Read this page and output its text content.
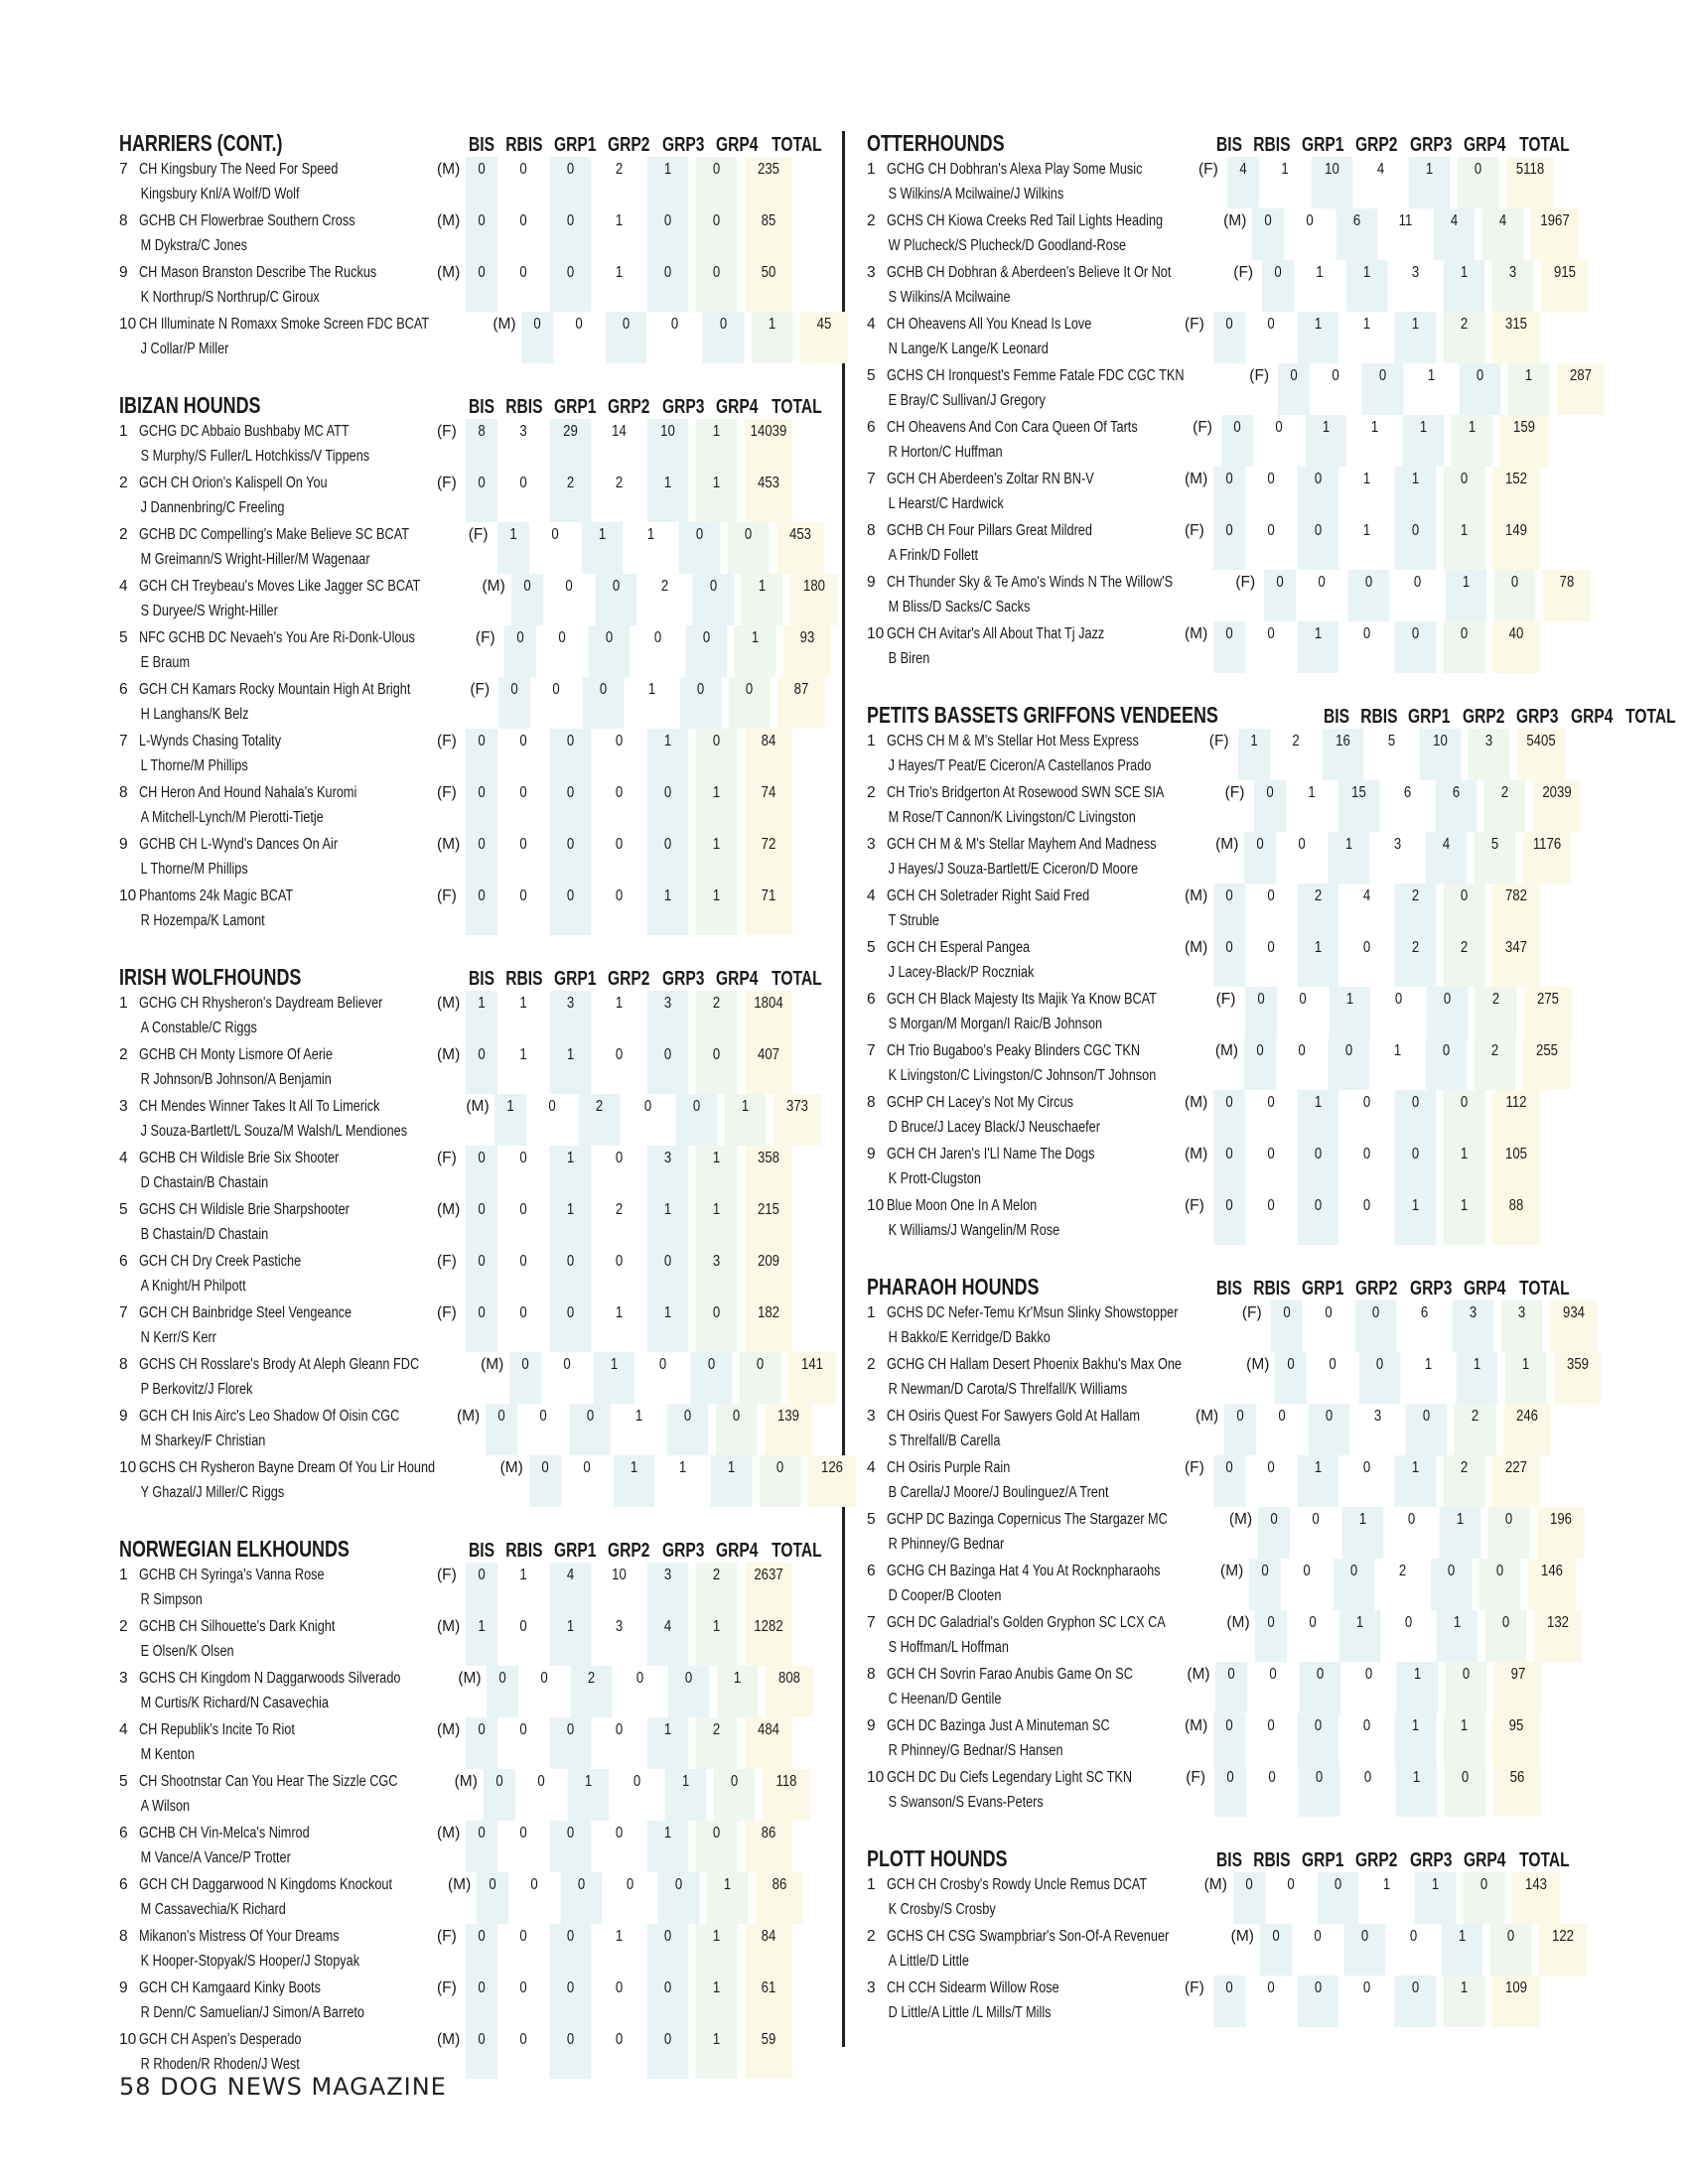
HARRIERS (CONT.)	BIS RBIS GRP1 GRP2 GRP3 GRP4 TOTAL
7 CH Kingsbury The Need For Speed
Kingsbury Knl/A Wolf/D Wolf
(M)	0	0	0	2	1	0	235
8 GCHB CH Flowerbrae Southern Cross
M Dykstra/C Jones
(M)	0	0	0	1	0	0	85
9 CH Mason Branston Describe The Ruckus
K Northrup/S Northrup/C Giroux
(M)	0	0	0	1	0	0	50
10 CH Illuminate N Romaxx Smoke Screen FDC BCAT
J Collar/P Miller
(M)	0	0	0	0	0	1	45
IBIZAN HOUNDS	BIS RBIS GRP1 GRP2 GRP3 GRP4 TOTAL
1 GCHG DC Abbaio Bushbaby MC ATT
S Murphy/S Fuller/L Hotchkiss/V Tippens
(F)	8	3	29	14	10	1	14039
2 GCH CH Orion's Kalispell On You
J Dannenbring/C Freeling
(F)	0	0	2	2	1	1	453
2 GCHB DC Compelling's Make Believe SC BCAT
M Greimann/S Wright-Hiller/M Wagenaar
(F)	1	0	1	1	0	0	453
4 GCH CH Treybeau's Moves Like Jagger SC BCAT
S Duryee/S Wright-Hiller
(M)	0	0	0	2	0	1	180
5 NFC GCHB DC Nevaeh's You Are Ri-Donk-Ulous
E Braum
(F)	0	0	0	0	0	1	93
6 GCH CH Kamars Rocky Mountain High At Bright
H Langhans/K Belz
(F)	0	0	0	1	0	0	87
7 L-Wynds Chasing Totality
L Thorne/M Phillips
(F)	0	0	0	0	1	0	84
8 CH Heron And Hound Nahala's Kuromi
A Mitchell-Lynch/M Pierotti-Tietje
(F)	0	0	0	0	0	1	74
9 GCHB CH L-Wynd's Dances On Air
L Thorne/M Phillips
(M)	0	0	0	0	0	1	72
10 Phantoms 24k Magic BCAT
R Hozempa/K Lamont
(F)	0	0	0	0	1	1	71
IRISH WOLFHOUNDS	BIS RBIS GRP1 GRP2 GRP3 GRP4 TOTAL
1 GCHG CH Rhysheron's Daydream Believer
A Constable/C Riggs
(M)	1	1	3	1	3	2	1804
2 GCHB CH Monty Lismore Of Aerie
R Johnson/B Johnson/A Benjamin
(M)	0	1	1	0	0	0	407
3 CH Mendes Winner Takes It All To Limerick
J Souza-Bartlett/L Souza/M Walsh/L Mendiones
(M)	1	0	2	0	0	1	373
4 GCHB CH Wildisle Brie Six Shooter
D Chastain/B Chastain
(F)	0	0	1	0	3	1	358
5 GCHS CH Wildisle Brie Sharpshooter
B Chastain/D Chastain
(M)	0	0	1	2	1	1	215
6 GCH CH Dry Creek Pastiche
A Knight/H Philpott
(F)	0	0	0	0	0	3	209
7 GCH CH Bainbridge Steel Vengeance
N Kerr/S Kerr
(F)	0	0	0	1	1	0	182
8 GCHS CH Rosslare's Brody At Aleph Gleann FDC
P Berkovitz/J Florek
(M)	0	0	1	0	0	0	141
9 GCH CH Inis Airc's Leo Shadow Of Oisin CGC
M Sharkey/F Christian
(M)	0	0	0	1	0	0	139
10 GCHS CH Rysheron Bayne Dream Of You Lir Hound
Y Ghazal/J Miller/C Riggs
(M)	0	0	1	1	1	0	126
NORWEGIAN ELKHOUNDS	BIS RBIS GRP1 GRP2 GRP3 GRP4 TOTAL
1 GCHB CH Syringa's Vanna Rose
R Simpson
(F)	0	1	4	10	3	2	2637
2 GCHB CH Silhouette's Dark Knight
E Olsen/K Olsen
(M)	1	0	1	3	4	1	1282
3 GCHS CH Kingdom N Daggarwoods Silverado
M Curtis/K Richard/N Casavechia
(M)	0	0	2	0	0	1	808
4 CH Republik's Incite To Riot
M Kenton
(M)	0	0	0	0	1	2	484
5 CH Shootnstar Can You Hear The Sizzle CGC
A Wilson
(M)	0	0	1	0	1	0	118
6 GCHB CH Vin-Melca's Nimrod
M Vance/A Vance/P Trotter
(M)	0	0	0	0	1	0	86
6 GCH CH Daggarwood N Kingdoms Knockout
M Cassavechia/K Richard
(M)	0	0	0	0	0	1	86
8 Mikanon's Mistress Of Your Dreams
K Hooper-Stopyak/S Hooper/J Stopyak
(F)	0	0	0	1	0	1	84
9 GCH CH Kamgaard Kinky Boots
R Denn/C Samuelian/J Simon/A Barreto
(F)	0	0	0	0	0	1	61
10 GCH CH Aspen's Desperado
R Rhoden/R Rhoden/J West
(M)	0	0	0	0	0	1	59
OTTERHOUNDS	BIS RBIS GRP1 GRP2 GRP3 GRP4 TOTAL
1 GCHG CH Dobhran's Alexa Play Some Music
S Wilkins/A Mcilwaine/J Wilkins
(F)	4	1	10	4	1	0	5118
2 GCHS CH Kiowa Creeks Red Tail Lights Heading
W Plucheck/S Plucheck/D Goodland-Rose
(M)	0	0	6	11	4	4	1967
3 GCHB CH Dobhran & Aberdeen's Believe It Or Not
S Wilkins/A Mcilwaine
(F)	0	1	1	3	1	3	915
4 CH Oheavens All You Knead Is Love
N Lange/K Lange/K Leonard
(F)	0	0	1	1	1	2	315
5 GCHS CH Ironquest's Femme Fatale FDC CGC TKN
E Bray/C Sullivan/J Gregory
(F)	0	0	0	1	0	1	287
6 CH Oheavens And Con Cara Queen Of Tarts
R Horton/C Huffman
(F)	0	0	1	1	1	1	159
7 GCH CH Aberdeen's Zoltar RN BN-V
L Hearst/C Hardwick
(M)	0	0	0	1	1	0	152
8 GCHB CH Four Pillars Great Mildred
A Frink/D Follett
(F)	0	0	0	1	0	1	149
9 CH Thunder Sky & Te Amo's Winds N The Willow'S
M Bliss/D Sacks/C Sacks
(F)	0	0	0	0	1	0	78
10 GCH CH Avitar's All About That Tj Jazz
B Biren
(M)	0	0	1	0	0	0	40
PETITS BASSETS GRIFFONS VENDEENS	BIS RBIS GRP1 GRP2 GRP3 GRP4 TOTAL
1 GCHS CH M & M's Stellar Hot Mess Express
J Hayes/T Peat/E Ciceron/A Castellanos Prado
(F)	1	2	16	5	10	3	5405
2 CH Trio's Bridgerton At Rosewood SWN SCE SIA
M Rose/T Cannon/K Livingston/C Livingston
(F)	0	1	15	6	6	2	2039
3 GCH CH M & M's Stellar Mayhem And Madness
J Hayes/J Souza-Bartlett/E Ciceron/D Moore
(M)	0	0	1	3	4	5	1176
4 GCH CH Soletrader Right Said Fred
T Struble
(M)	0	0	2	4	2	0	782
5 GCH CH Esperal Pangea
J Lacey-Black/P Roczniak
(M)	0	0	1	0	2	2	347
6 GCH CH Black Majesty Its Majik Ya Know BCAT
S Morgan/M Morgan/I Raic/B Johnson
(F)	0	0	1	0	0	2	275
7 CH Trio Bugaboo's Peaky Blinders CGC TKN
K Livingston/C Livingston/C Johnson/T Johnson
(M)	0	0	0	1	0	2	255
8 GCHP CH Lacey's Not My Circus
D Bruce/J Lacey Black/J Neuschaefer
(M)	0	0	1	0	0	0	112
9 GCH CH Jaren's I'Ll Name The Dogs
K Prott-Clugston
(M)	0	0	0	0	0	1	105
10 Blue Moon One In A Melon
K Williams/J Wangelin/M Rose
(F)	0	0	0	0	1	1	88
PHARAOH HOUNDS	BIS RBIS GRP1 GRP2 GRP3 GRP4 TOTAL
1 GCHS DC Nefer-Temu Kr'Msun Slinky Showstopper
H Bakko/E Kerridge/D Bakko
(F)	0	0	0	6	3	3	934
2 GCHG CH Hallam Desert Phoenix Bakhu's Max One
R Newman/D Carota/S Threlfall/K Williams
(M)	0	0	0	1	1	1	359
3 CH Osiris Quest For Sawyers Gold At Hallam
S Threlfall/B Carella
(M)	0	0	0	3	0	2	246
4 CH Osiris Purple Rain
B Carella/J Moore/J Boulinguez/A Trent
(F)	0	0	1	0	1	2	227
5 GCHP DC Bazinga Copernicus The Stargazer MC
R Phinney/G Bednar
(M)	0	0	1	0	1	0	196
6 GCHG CH Bazinga Hat 4 You At Rocknpharaohs
D Cooper/B Clooten
(M)	0	0	0	2	0	0	146
7 GCH DC Galadrial's Golden Gryphon SC LCX CA
S Hoffman/L Hoffman
(M)	0	0	1	0	1	0	132
8 GCH CH Sovrin Farao Anubis Game On SC
C Heenan/D Gentile
(M)	0	0	0	0	1	0	97
9 GCH DC Bazinga Just A Minuteman SC
R Phinney/G Bednar/S Hansen
(M)	0	0	0	0	1	1	95
10 GCH DC Du Ciefs Legendary Light SC TKN
S Swanson/S Evans-Peters
(F)	0	0	0	0	1	0	56
PLOTT HOUNDS	BIS RBIS GRP1 GRP2 GRP3 GRP4 TOTAL
1 GCH CH Crosby's Rowdy Uncle Remus DCAT
K Crosby/S Crosby
(M)	0	0	0	1	1	0	143
2 GCHS CH CSG Swampbriar's Son-Of-A Revenuer
A Little/D Little
(M)	0	0	0	0	1	0	122
3 CH CCH Sidearm Willow Rose
D Little/A Little /L Mills/T Mills
(F)	0	0	0	0	0	1	109
58 DOG NEWS MAGAZINE
